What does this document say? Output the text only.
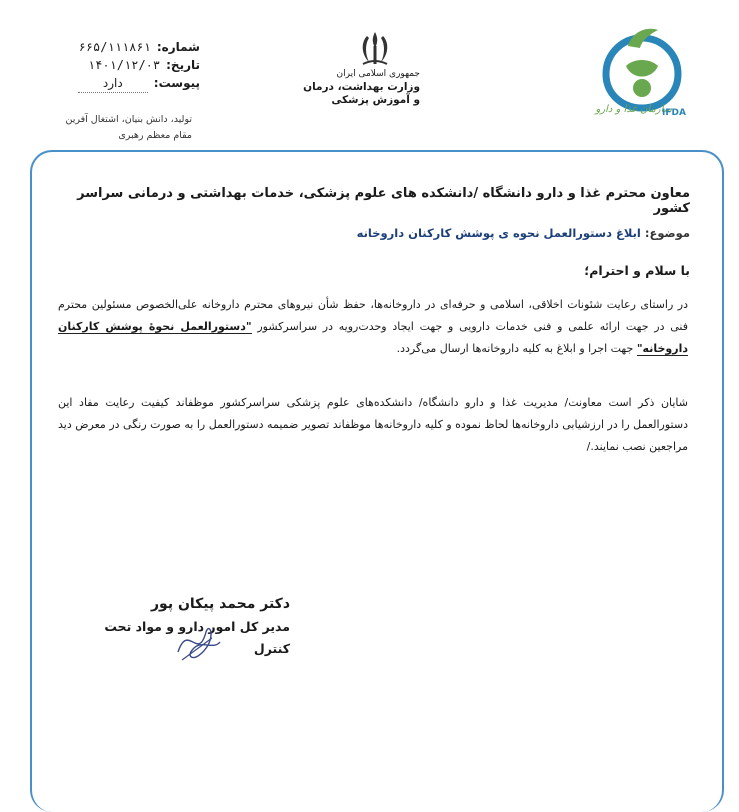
شماره:
۶۶۵/۱۱۱۸۶۱
تاریخ:
۱۴۰۱/۱۲/۰۳
پیوست:
دارد
تولید، دانش بنیان، اشتغال آفرین
مقام معظم رهبری
جمهوری اسلامی ایران
وزارت بهداشت، درمان
و آموزش پزشکی
سازمان غذا و دارو
IFDA
معاون محترم غذا و دارو دانشگاه /دانشکده های علوم پزشکی، خدمات بهداشتی و درمانی سراسر کشور
موضوع: ابلاغ دستورالعمل نحوه ی پوشش کارکنان داروخانه
با سلام و احترام؛
در راستای رعایت شئونات اخلاقی، اسلامی و حرفه‌ای در داروخانه‌ها، حفظ شأن نیروهای محترم داروخانه علی‌الخصوص مسئولین محترم فنی در جهت ارائه علمی و فنی خدمات دارویی و جهت ایجاد وحدت‌رویه در سراسرکشور "دستورالعمل نحوهٔ پوشش کارکنان داروخانه" جهت اجرا و ابلاغ به کلیه داروخانه‌ها ارسال می‌گردد.
شایان ذکر است معاونت/ مدیریت غذا و دارو دانشگاه/ دانشکده‌های علوم پزشکی سراسرکشور موظفاند کیفیت رعایت مفاد این دستورالعمل را در ارزشیابی داروخانه‌ها لحاظ نموده و کلیه داروخانه‌ها موظفاند تصویر ضمیمه دستورالعمل را به صورت رنگی در معرض دید مراجعین نصب نمایند./
دکتر محمد پیکان پور
مدیر کل امور دارو و مواد تحت کنترل
